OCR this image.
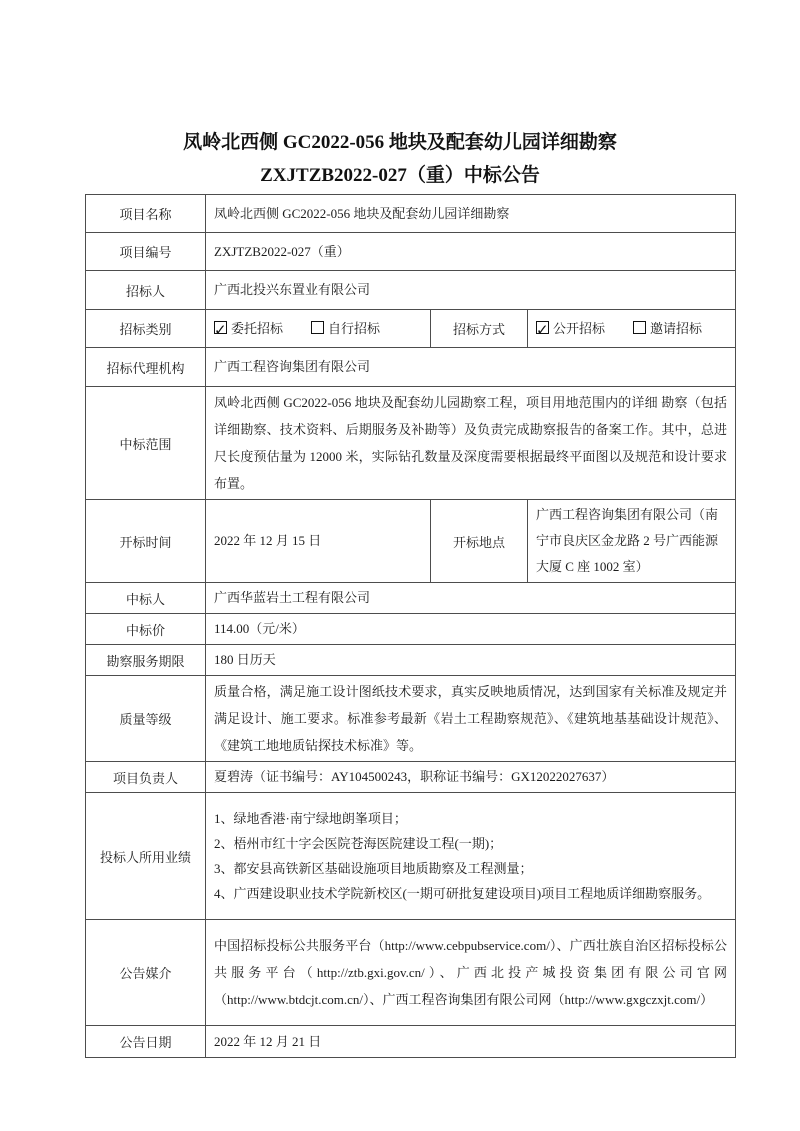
凤岭北西侧 GC2022-056 地块及配套幼儿园详细勘察
ZXJTZB2022-027（重）中标公告
项目名称	凤岭北西侧 GC2022-056 地块及配套幼儿园详细勘察		
项目编号	ZXJTZB2022-027（重）		
招标人	广西北投兴东置业有限公司		
招标类别	✓委托招标 自行招标	招标方式	✓公开招标 邀请招标
招标代理机构	广西工程咨询集团有限公司		
中标范围	凤岭北西侧 GC2022-056 地块及配套幼儿园勘察工程，项目用地范围内的详细 勘察（包括详细勘察、技术资料、后期服务及补勘等）及负责完成勘察报告的备案工作。其中，总进尺长度预估量为 12000 米，实际钻孔数量及深度需要根据最终平面图以及规范和设计要求布置。		
开标时间	2022 年 12 月 15 日	开标地点	广西工程咨询集团有限公司（南宁市良庆区金龙路 2 号广西能源大厦 C 座 1002 室）
中标人	广西华蓝岩土工程有限公司		
中标价	114.00（元/米）		
勘察服务期限	180 日历天		
质量等级	质量合格，满足施工设计图纸技术要求，真实反映地质情况，达到国家有关标准及规定并满足设计、施工要求。标准参考最新《岩土工程勘察规范》、《建筑地基基础设计规范》、《建筑工地地质钻探技术标准》等。		
项目负责人	夏碧涛（证书编号：AY104500243，职称证书编号：GX12022027637）		
投标人所用业绩	1、绿地香港·南宁绿地朗峯项目；
2、梧州市红十字会医院苍海医院建设工程(一期)；
3、都安县高铁新区基础设施项目地质勘察及工程测量；
4、广西建设职业技术学院新校区(一期可研批复建设项目)项目工程地质详细勘察服务。		

公告媒介	中国招标投标公共服务平台（http://www.cebpubservice.com/）、广西壮族自治区招标投标公共服务平台（http://ztb.gxi.gov.cn/）、广西北投产城投资集团有限公司官网（http://www.btdcjt.com.cn/）、广西工程咨询集团有限公司网（http://www.gxgczxjt.com/）		
公告日期	2022 年 12 月 21 日		
